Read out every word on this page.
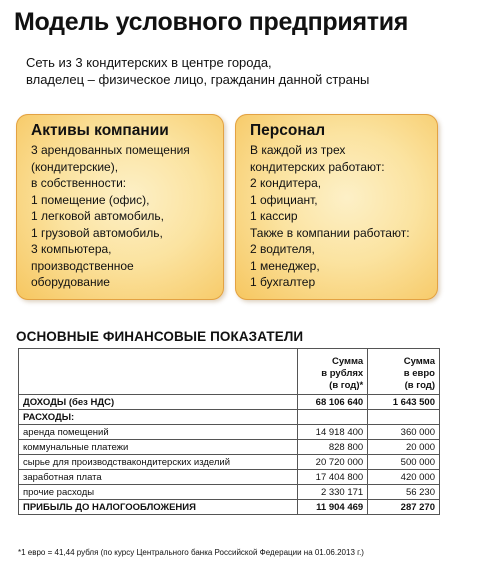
Модель условного предприятия
Сеть из 3 кондитерских в центре города,
владелец – физическое лицо, гражданин данной страны
Активы компании
3 арендованных помещения
(кондитерские),
в собственности:
1 помещение (офис),
1 легковой автомобиль,
1 грузовой автомобиль,
3 компьютера,
производственное
оборудование
Персонал
В каждой из трех
кондитерских работают:
2 кондитера,
1 официант,
1 кассир
Также в компании работают:
2 водителя,
1 менеджер,
1 бухгалтер
ОСНОВНЫЕ ФИНАНСОВЫЕ ПОКАЗАТЕЛИ
	Сумма
в рублях
(в год)*	Сумма
в евро
(в год)
ДОХОДЫ (без НДС)	68 106 640	1 643 500
РАСХОДЫ:		
аренда помещений	14 918 400	360 000
коммунальные платежи	828 800	20 000
сырье для производствакондитерских изделий	20 720 000	500 000
заработная плата	17 404 800	420 000
прочие расходы	2 330 171	56 230
ПРИБЫЛЬ ДО НАЛОГООБЛОЖЕНИЯ	11 904 469	287 270
*1 евро = 41,44 рубля (по курсу Центрального банка Российской Федерации на 01.06.2013 г.)
